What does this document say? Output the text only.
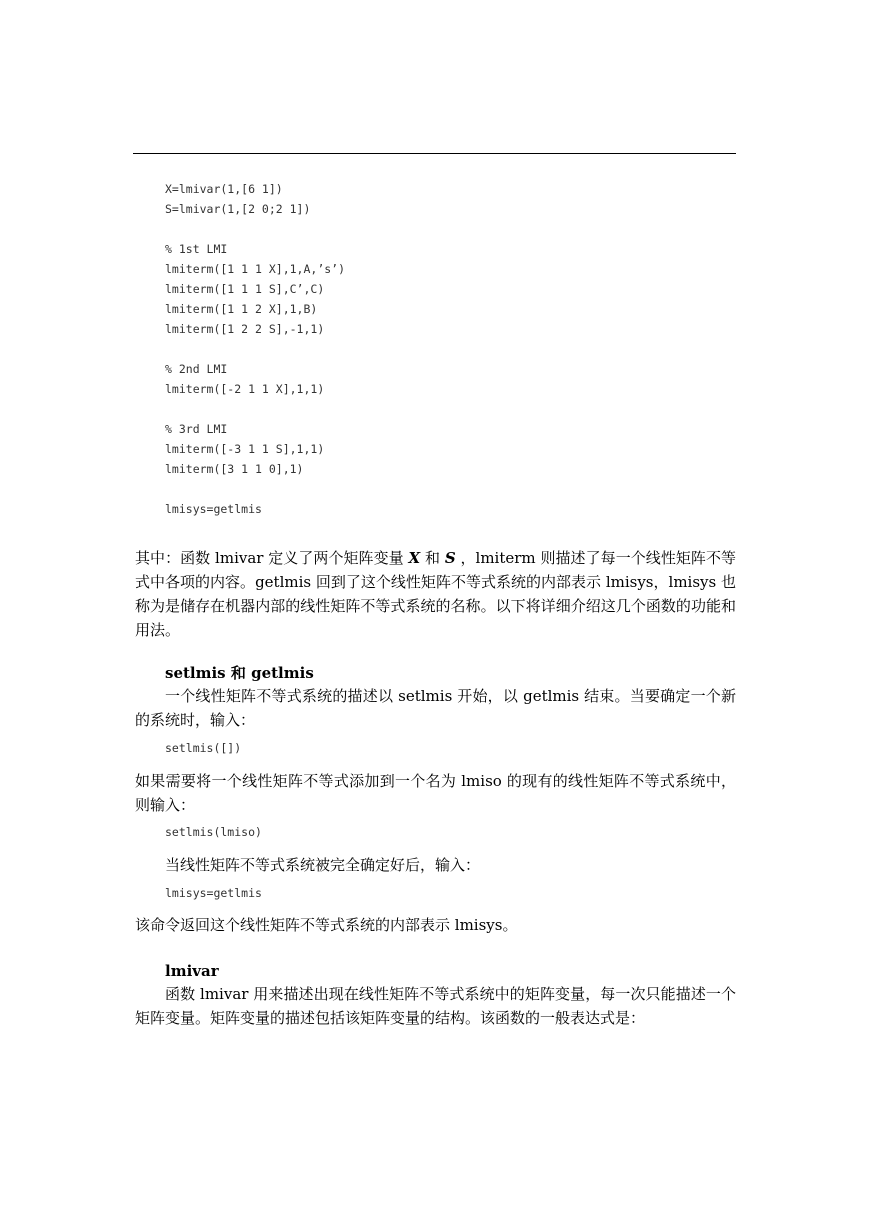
X=lmivar(1,[6 1])
S=lmivar(1,[2 0;2 1])

% 1st LMI
lmiterm([1 1 1 X],1,A,’s’)
lmiterm([1 1 1 S],C’,C)
lmiterm([1 1 2 X],1,B)
lmiterm([1 2 2 S],-1,1)

% 2nd LMI
lmiterm([-2 1 1 X],1,1)

% 3rd LMI
lmiterm([-3 1 1 S],1,1)
lmiterm([3 1 1 0],1)

lmisys=getlmis

其中：函数 lmivar 定义了两个矩阵变量 X 和 S ，lmiterm 则描述了每一个线性矩阵不等式中各项的内容。getlmis 回到了这个线性矩阵不等式系统的内部表示 lmisys，lmisys 也称为是储存在机器内部的线性矩阵不等式系统的名称。以下将详细介绍这几个函数的功能和用法。

setlmis 和 getlmis

一个线性矩阵不等式系统的描述以 setlmis 开始，以 getlmis 结束。当要确定一个新的系统时，输入：

setlmis([])

如果需要将一个线性矩阵不等式添加到一个名为 lmiso 的现有的线性矩阵不等式系统中，则输入：

setlmis(lmiso)

当线性矩阵不等式系统被完全确定好后，输入：

lmisys=getlmis

该命令返回这个线性矩阵不等式系统的内部表示 lmisys。

lmivar

函数 lmivar 用来描述出现在线性矩阵不等式系统中的矩阵变量，每一次只能描述一个矩阵变量。矩阵变量的描述包括该矩阵变量的结构。该函数的一般表达式是：
